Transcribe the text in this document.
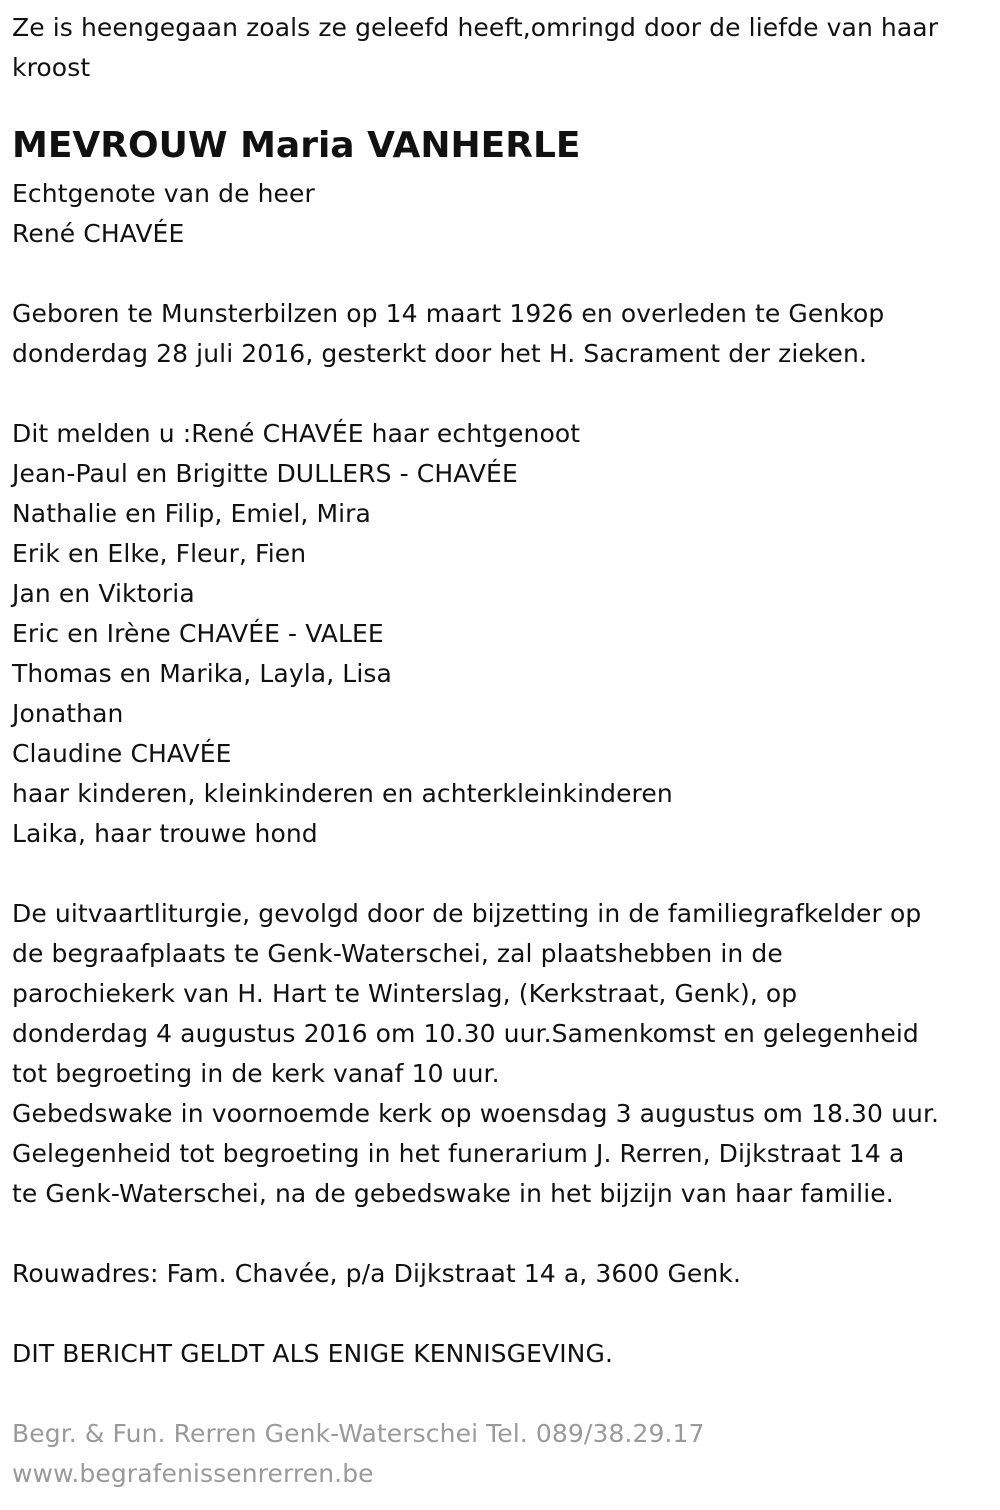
Ze is heengegaan zoals ze geleefd heeft,omringd door de liefde van haar
kroost
MEVROUW Maria VANHERLE
Echtgenote van de heer
René CHAVÉE
Geboren te Munsterbilzen op 14 maart 1926 en overleden te Genkop
donderdag 28 juli 2016, gesterkt door het H. Sacrament der zieken.
Dit melden u :René CHAVÉE haar echtgenoot
Jean-Paul en Brigitte DULLERS - CHAVÉE
Nathalie en Filip, Emiel, Mira
Erik en Elke, Fleur, Fien
Jan en Viktoria
Eric en Irène CHAVÉE - VALEE
Thomas en Marika, Layla, Lisa
Jonathan
Claudine CHAVÉE
haar kinderen, kleinkinderen en achterkleinkinderen
Laika, haar trouwe hond
De uitvaartliturgie, gevolgd door de bijzetting in de familiegrafkelder op
de begraafplaats te Genk-Waterschei, zal plaatshebben in de
parochiekerk van H. Hart te Winterslag, (Kerkstraat, Genk), op
donderdag 4 augustus 2016 om 10.30 uur.Samenkomst en gelegenheid
tot begroeting in de kerk vanaf 10 uur.
Gebedswake in voornoemde kerk op woensdag 3 augustus om 18.30 uur.
Gelegenheid tot begroeting in het funerarium J. Rerren, Dijkstraat 14 a
te Genk-Waterschei, na de gebedswake in het bijzijn van haar familie.
Rouwadres: Fam. Chavée, p/a Dijkstraat 14 a, 3600 Genk.
DIT BERICHT GELDT ALS ENIGE KENNISGEVING.
Begr. & Fun. Rerren Genk-Waterschei Tel. 089/38.29.17
www.begrafenissenrerren.be
